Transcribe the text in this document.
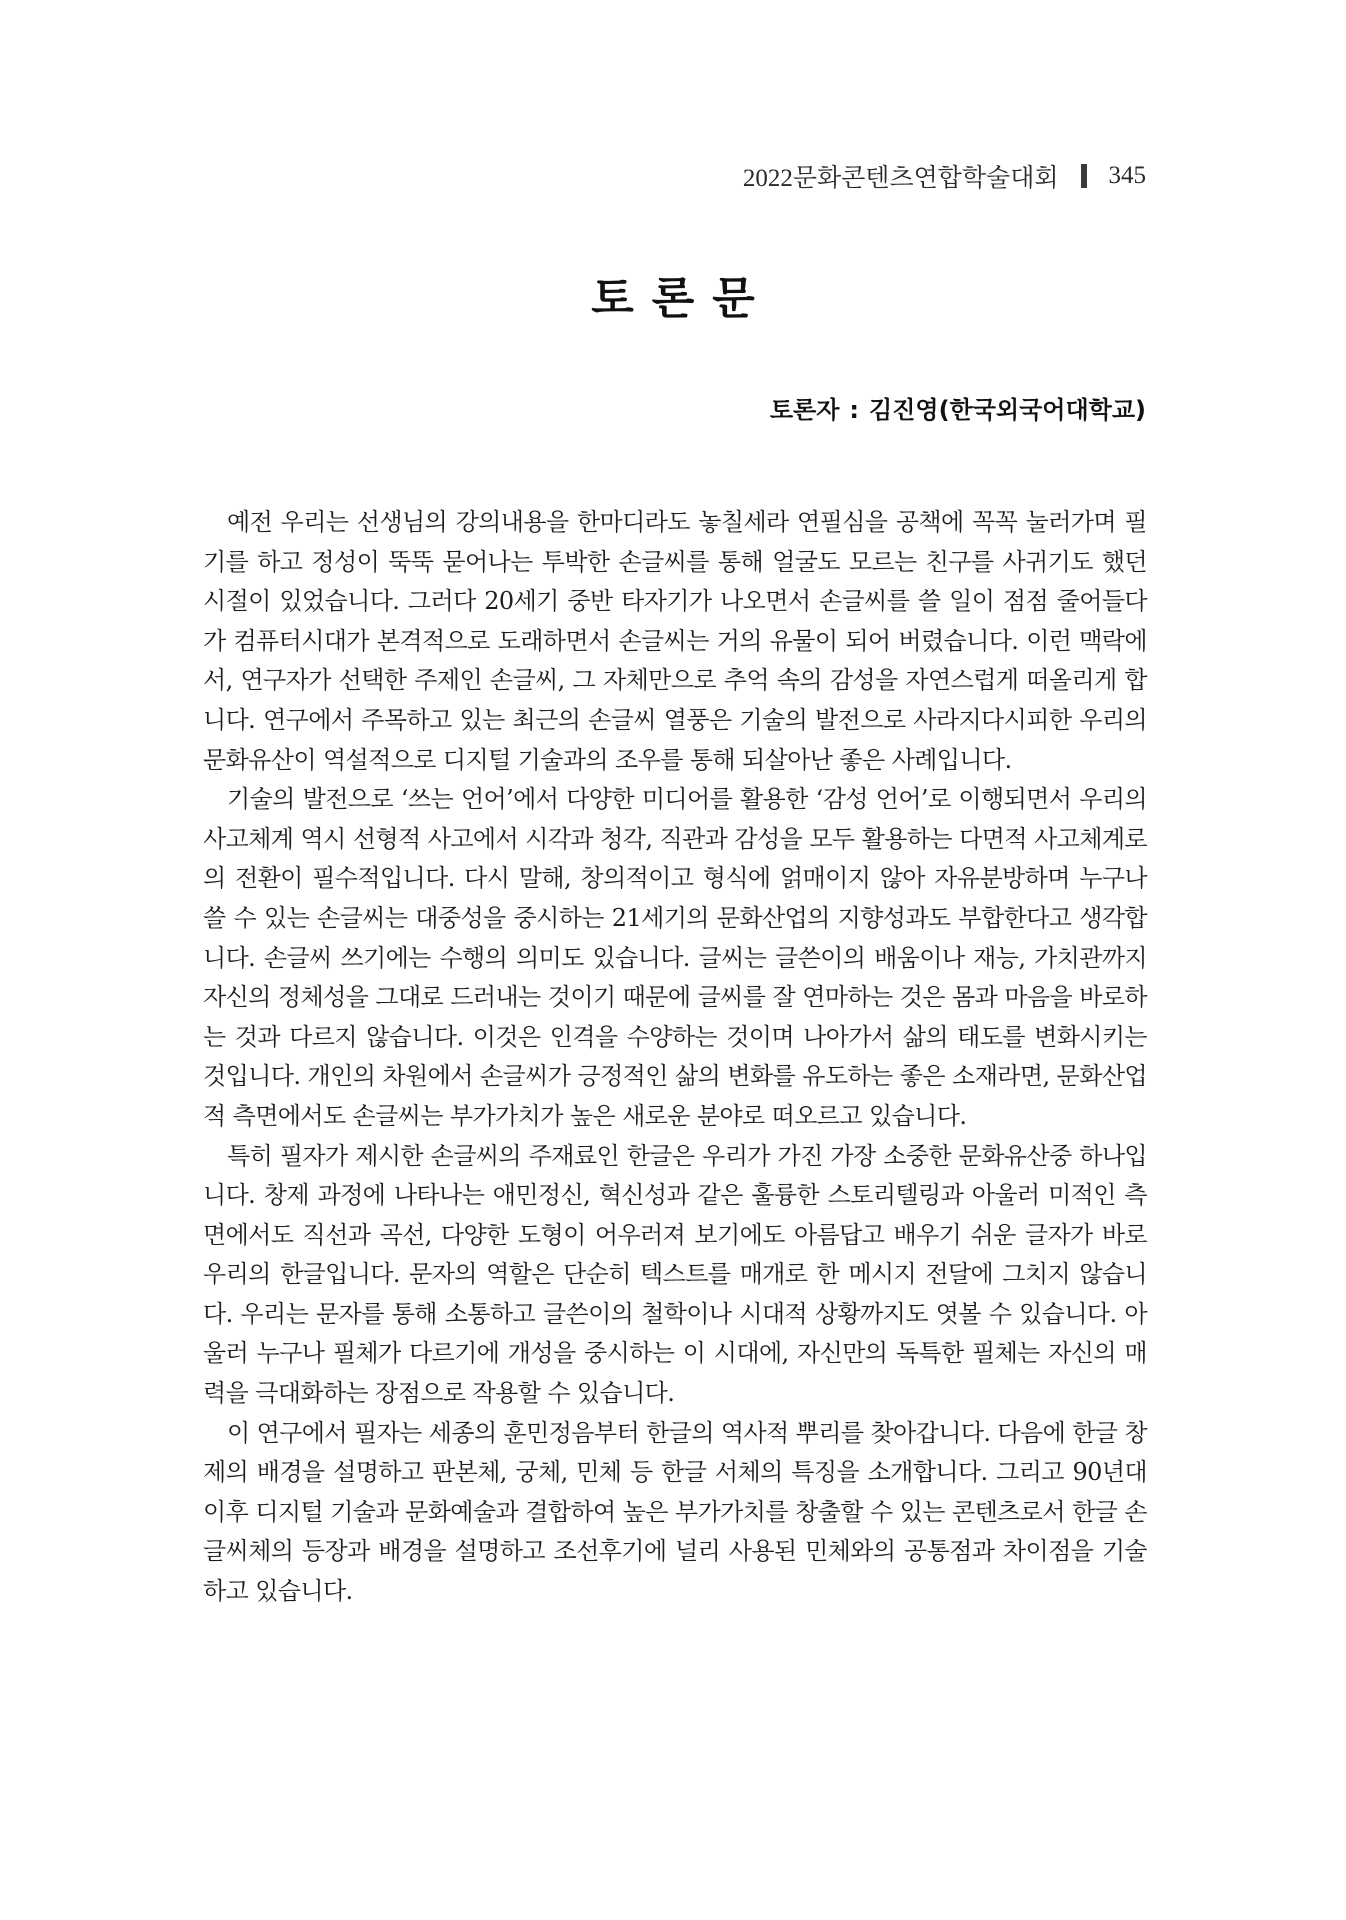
2022문화콘텐츠연합학술대회 345
토론문
토론자 : 김진영(한국외국어대학교)

예전 우리는 선생님의 강의내용을 한마디라도 놓칠세라 연필심을 공책에 꼭꼭 눌러가며 필기를 하고 정성이 뚝뚝 묻어나는 투박한 손글씨를 통해 얼굴도 모르는 친구를 사귀기도 했던 시절이 있었습니다. 그러다 20세기 중반 타자기가 나오면서 손글씨를 쓸 일이 점점 줄어들다가 컴퓨터시대가 본격적으로 도래하면서 손글씨는 거의 유물이 되어 버렸습니다. 이런 맥락에서, 연구자가 선택한 주제인 손글씨, 그 자체만으로 추억 속의 감성을 자연스럽게 떠올리게 합니다. 연구에서 주목하고 있는 최근의 손글씨 열풍은 기술의 발전으로 사라지다시피한 우리의 문화유산이 역설적으로 디지털 기술과의 조우를 통해 되살아난 좋은 사례입니다.

기술의 발전으로 ‘쓰는 언어’에서 다양한 미디어를 활용한 ‘감성 언어’로 이행되면서 우리의 사고체계 역시 선형적 사고에서 시각과 청각, 직관과 감성을 모두 활용하는 다면적 사고체계로의 전환이 필수적입니다. 다시 말해, 창의적이고 형식에 얽매이지 않아 자유분방하며 누구나 쓸 수 있는 손글씨는 대중성을 중시하는 21세기의 문화산업의 지향성과도 부합한다고 생각합니다. 손글씨 쓰기에는 수행의 의미도 있습니다. 글씨는 글쓴이의 배움이나 재능, 가치관까지 자신의 정체성을 그대로 드러내는 것이기 때문에 글씨를 잘 연마하는 것은 몸과 마음을 바로하는 것과 다르지 않습니다. 이것은 인격을 수양하는 것이며 나아가서 삶의 태도를 변화시키는 것입니다. 개인의 차원에서 손글씨가 긍정적인 삶의 변화를 유도하는 좋은 소재라면, 문화산업적 측면에서도 손글씨는 부가가치가 높은 새로운 분야로 떠오르고 있습니다.

특히 필자가 제시한 손글씨의 주재료인 한글은 우리가 가진 가장 소중한 문화유산중 하나입니다. 창제 과정에 나타나는 애민정신, 혁신성과 같은 훌륭한 스토리텔링과 아울러 미적인 측면에서도 직선과 곡선, 다양한 도형이 어우러져 보기에도 아름답고 배우기 쉬운 글자가 바로 우리의 한글입니다. 문자의 역할은 단순히 텍스트를 매개로 한 메시지 전달에 그치지 않습니다. 우리는 문자를 통해 소통하고 글쓴이의 철학이나 시대적 상황까지도 엿볼 수 있습니다. 아울러 누구나 필체가 다르기에 개성을 중시하는 이 시대에, 자신만의 독특한 필체는 자신의 매력을 극대화하는 장점으로 작용할 수 있습니다.

이 연구에서 필자는 세종의 훈민정음부터 한글의 역사적 뿌리를 찾아갑니다. 다음에 한글 창제의 배경을 설명하고 판본체, 궁체, 민체 등 한글 서체의 특징을 소개합니다. 그리고 90년대 이후 디지털 기술과 문화예술과 결합하여 높은 부가가치를 창출할 수 있는 콘텐츠로서 한글 손글씨체의 등장과 배경을 설명하고 조선후기에 널리 사용된 민체와의 공통점과 차이점을 기술하고 있습니다.
